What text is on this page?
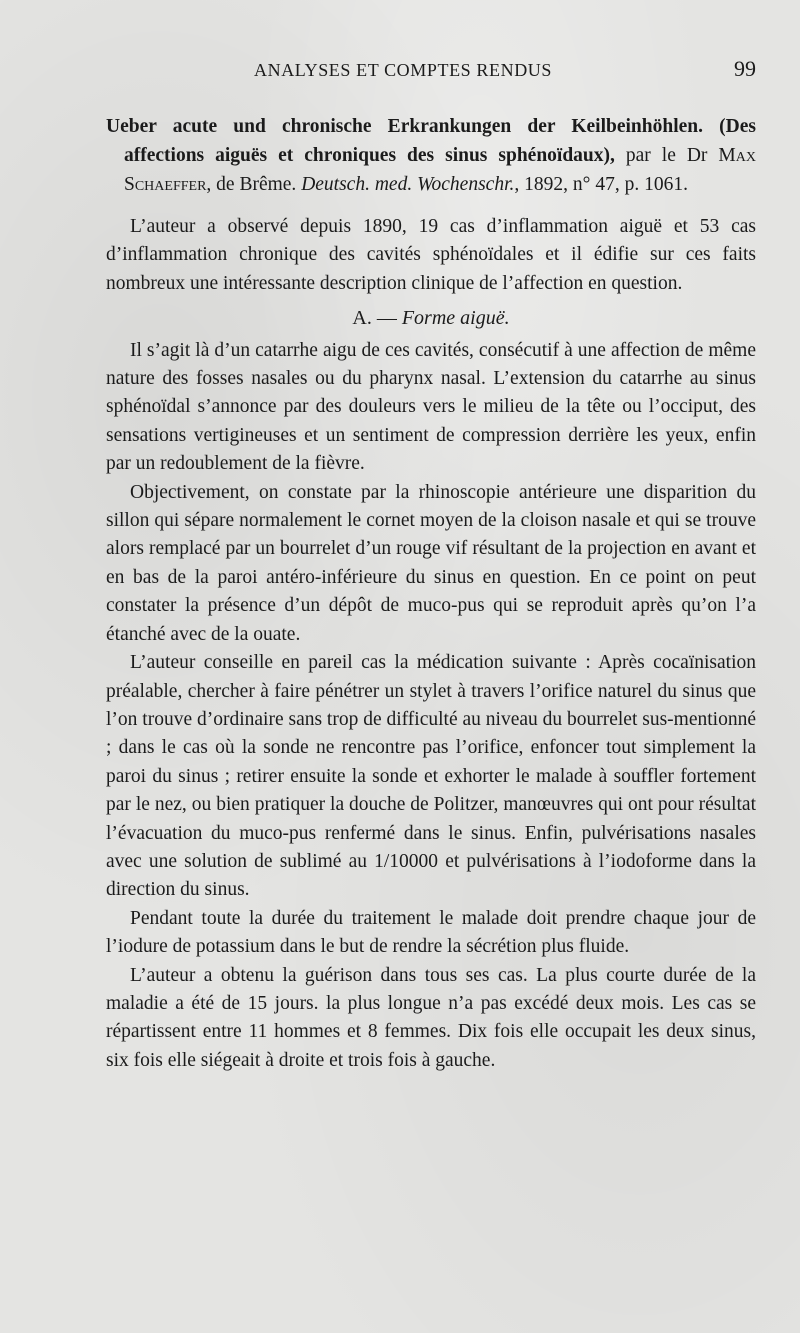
ANALYSES ET COMPTES RENDUS	99

Ueber acute und chronische Erkrankungen der Keilbeinhöhlen. (Des affections aiguës et chroniques des sinus sphénoïdaux), par le Dr Max Schaeffer, de Brême. Deutsch. med. Wochenschr., 1892, n° 47, p. 1061.

L’auteur a observé depuis 1890, 19 cas d’inflammation aiguë et 53 cas d’inflammation chronique des cavités sphénoïdales et il édifie sur ces faits nombreux une intéressante description clinique de l’affection en question.

A. — Forme aiguë.

Il s’agit là d’un catarrhe aigu de ces cavités, consécutif à une affection de même nature des fosses nasales ou du pharynx nasal. L’extension du catarrhe au sinus sphénoïdal s’annonce par des douleurs vers le milieu de la tête ou l’occiput, des sensations vertigineuses et un sentiment de compression derrière les yeux, enfin par un redoublement de la fièvre.

Objectivement, on constate par la rhinoscopie antérieure une disparition du sillon qui sépare normalement le cornet moyen de la cloison nasale et qui se trouve alors remplacé par un bourrelet d’un rouge vif résultant de la projection en avant et en bas de la paroi antéro-inférieure du sinus en question. En ce point on peut constater la présence d’un dépôt de muco-pus qui se reproduit après qu’on l’a étanché avec de la ouate.

L’auteur conseille en pareil cas la médication suivante : Après cocaïnisation préalable, chercher à faire pénétrer un stylet à travers l’orifice naturel du sinus que l’on trouve d’ordinaire sans trop de difficulté au niveau du bourrelet sus-mentionné ; dans le cas où la sonde ne rencontre pas l’orifice, enfoncer tout simplement la paroi du sinus ; retirer ensuite la sonde et exhorter le malade à souffler fortement par le nez, ou bien pratiquer la douche de Politzer, manœuvres qui ont pour résultat l’évacuation du muco-pus renfermé dans le sinus. Enfin, pulvérisations nasales avec une solution de sublimé au 1/10000 et pulvérisations à l’iodoforme dans la direction du sinus.

Pendant toute la durée du traitement le malade doit prendre chaque jour de l’iodure de potassium dans le but de rendre la sécrétion plus fluide.

L’auteur a obtenu la guérison dans tous ses cas. La plus courte durée de la maladie a été de 15 jours. la plus longue n’a pas excédé deux mois. Les cas se répartissent entre 11 hommes et 8 femmes. Dix fois elle occupait les deux sinus, six fois elle siégeait à droite et trois fois à gauche.
